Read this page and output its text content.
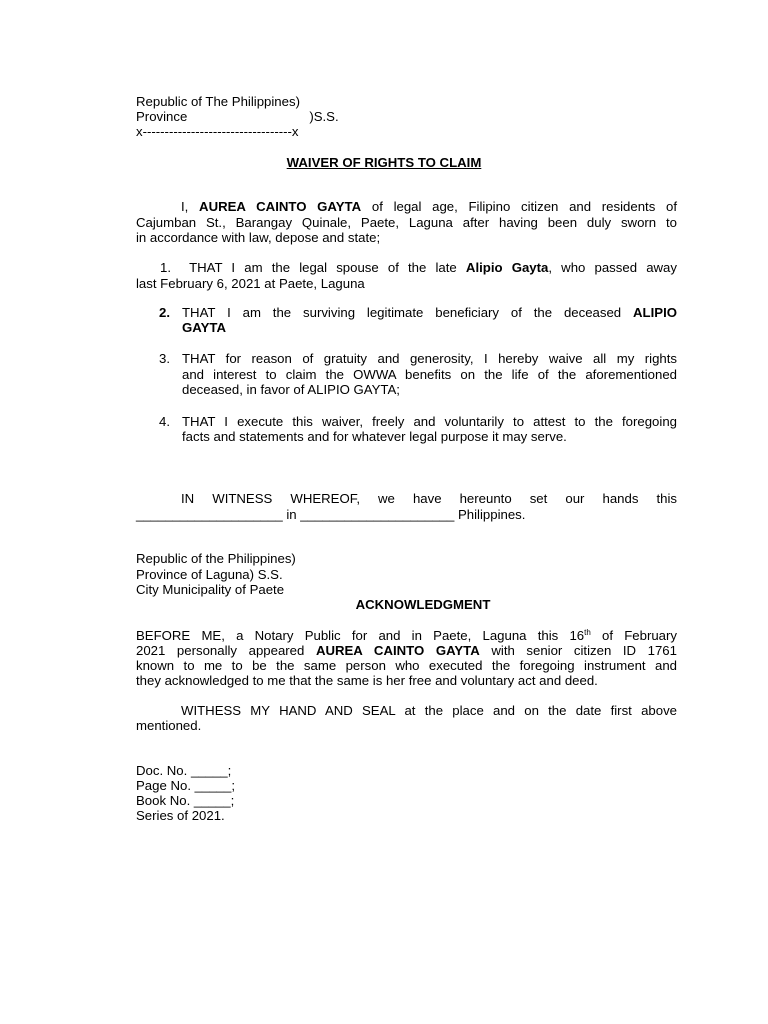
Republic of The Philippines)
Province	)S.S.
x----------------------------------x
WAIVER OF RIGHTS TO CLAIM
I, AUREA CAINTO GAYTA of legal age, Filipino citizen and residents of
Cajumban St., Barangay Quinale, Paete, Laguna after having been duly sworn to
in accordance with law, depose and state;
1. THAT I am the legal spouse of the late Alipio Gayta, who passed away
last February 6, 2021 at Paete, Laguna
2. THAT I am the surviving legitimate beneficiary of the deceased ALIPIO
GAYTA
3. THAT for reason of gratuity and generosity, I hereby waive all my rights
and interest to claim the OWWA benefits on the life of the aforementioned
deceased, in favor of ALIPIO GAYTA;
4. THAT I execute this waiver, freely and voluntarily to attest to the foregoing
facts and statements and for whatever legal purpose it may serve.
IN WITNESS WHEREOF, we have hereunto set our hands this
____________________ in _____________________ Philippines.
Republic of the Philippines)
Province of Laguna) S.S.
City Municipality of Paete
ACKNOWLEDGMENT
BEFORE ME, a Notary Public for and in Paete, Laguna this 16th of February
2021 personally appeared AUREA CAINTO GAYTA with senior citizen ID 1761
known to me to be the same person who executed the foregoing instrument and
they acknowledged to me that the same is her free and voluntary act and deed.
WITHESS MY HAND AND SEAL at the place and on the date first above
mentioned.
Doc. No. _____;
Page No. _____;
Book No. _____;
Series of 2021.
